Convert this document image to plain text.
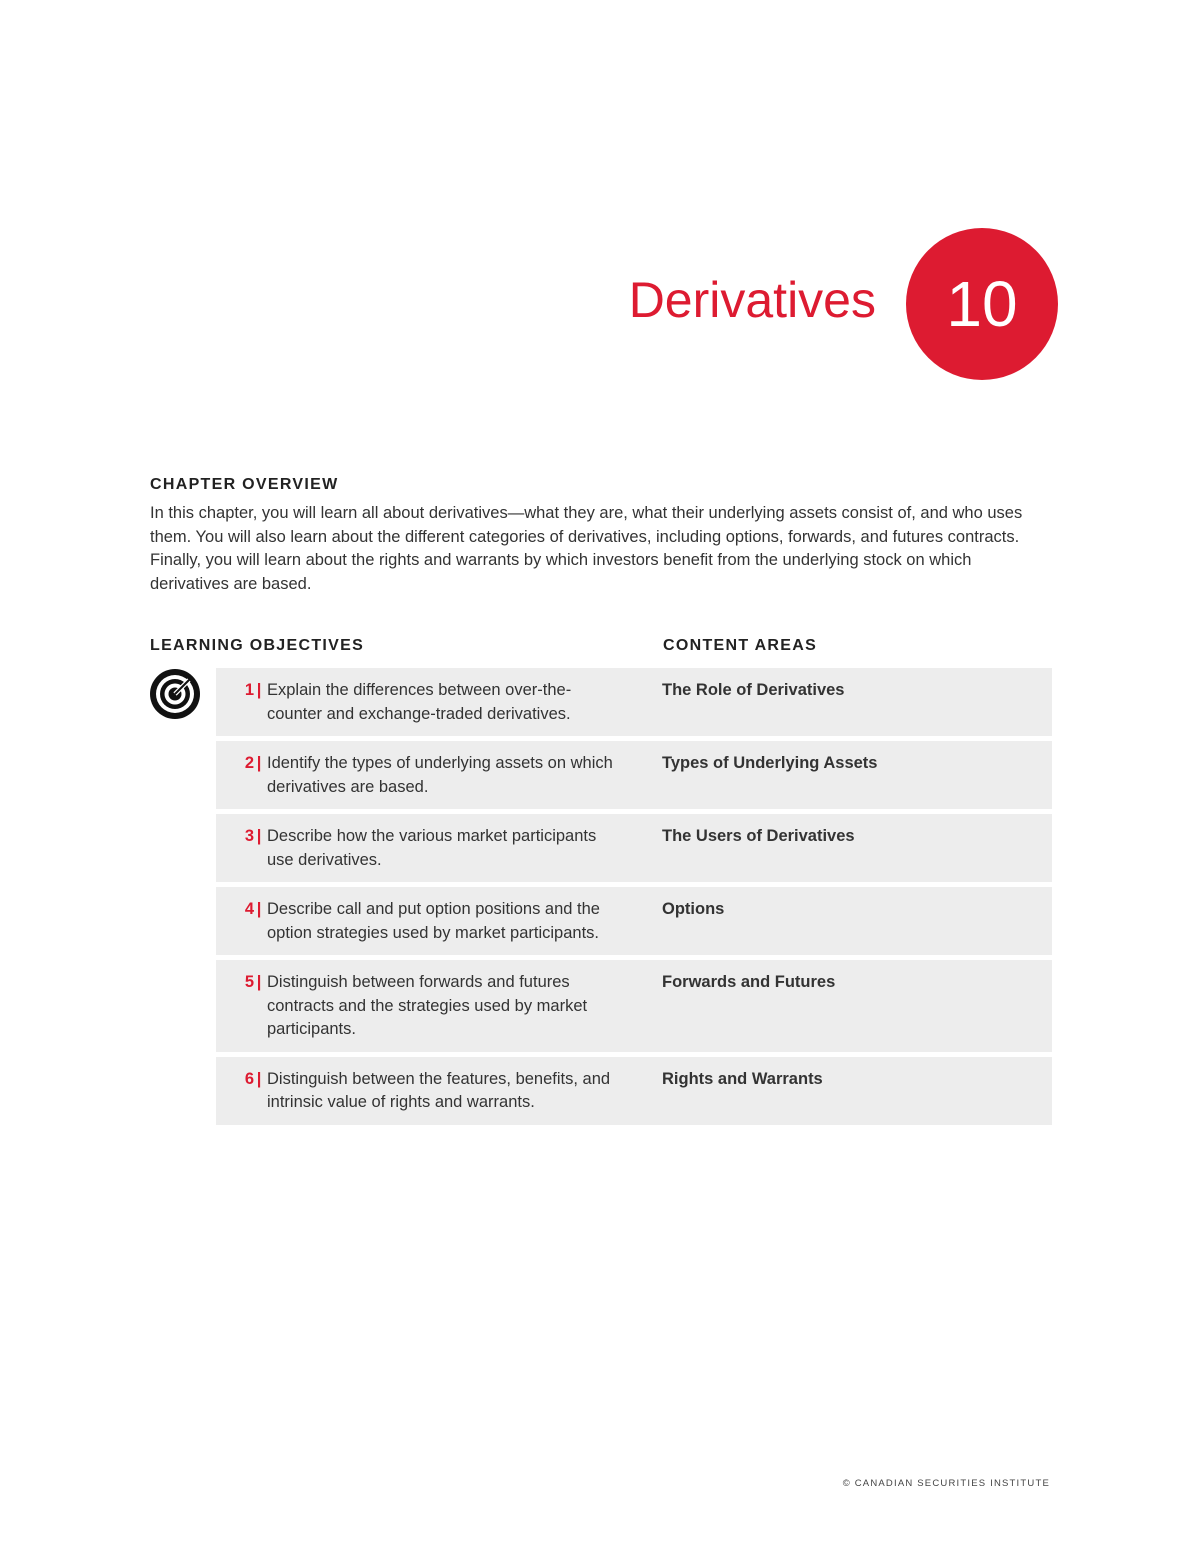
Derivatives	10
CHAPTER OVERVIEW

In this chapter, you will learn all about derivatives—what they are, what their underlying assets consist of, and who uses them. You will also learn about the different categories of derivatives, including options, forwards, and futures contracts. Finally, you will learn about the rights and warrants by which investors benefit from the underlying stock on which derivatives are based.

LEARNING OBJECTIVES	CONTENT AREAS
1 | Explain the differences between over-the-counter and exchange-traded derivatives.
The Role of Derivatives
2 | Identify the types of underlying assets on which derivatives are based.
Types of Underlying Assets
3 | Describe how the various market participants use derivatives.
The Users of Derivatives
4 | Describe call and put option positions and the option strategies used by market participants.
Options
5 | Distinguish between forwards and futures contracts and the strategies used by market participants.
Forwards and Futures
6 | Distinguish between the features, benefits, and intrinsic value of rights and warrants.
Rights and Warrants
© CANADIAN SECURITIES INSTITUTE
